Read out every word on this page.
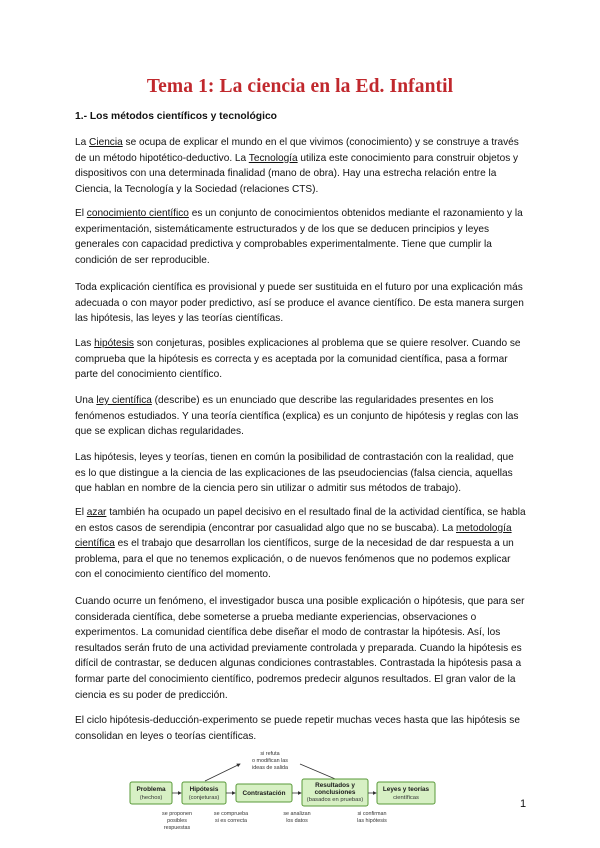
Tema 1: La ciencia en la Ed. Infantil
1.- Los métodos científicos y tecnológico

La Ciencia se ocupa de explicar el mundo en el que vivimos (conocimiento) y se construye a través de un método hipotético-deductivo. La Tecnología utiliza este conocimiento para construir objetos y dispositivos con una determinada finalidad (mano de obra). Hay una estrecha relación entre la Ciencia, la Tecnología y la Sociedad (relaciones CTS).

El conocimiento científico es un conjunto de conocimientos obtenidos mediante el razonamiento y la experimentación, sistemáticamente estructurados y de los que se deducen principios y leyes generales con capacidad predictiva y comprobables experimentalmente. Tiene que cumplir la condición de ser reproducible.

Toda explicación científica es provisional y puede ser sustituida en el futuro por una explicación más adecuada o con mayor poder predictivo, así se produce el avance científico. De esta manera surgen las hipótesis, las leyes y las teorías científicas.

Las hipótesis son conjeturas, posibles explicaciones al problema que se quiere resolver. Cuando se comprueba que la hipótesis es correcta y es aceptada por la comunidad científica, pasa a formar parte del conocimiento científico.

Una ley científica (describe) es un enunciado que describe las regularidades presentes en los fenómenos estudiados. Y una teoría científica (explica) es un conjunto de hipótesis y reglas con las que se explican dichas regularidades.

Las hipótesis, leyes y teorías, tienen en común la posibilidad de contrastación con la realidad, que es lo que distingue a la ciencia de las explicaciones de las pseudociencias (falsa ciencia, aquellas que hablan en nombre de la ciencia pero sin utilizar o admitir sus métodos de trabajo).

El azar también ha ocupado un papel decisivo en el resultado final de la actividad científica, se habla en estos casos de serendipia (encontrar por casualidad algo que no se buscaba). La metodología científica es el trabajo que desarrollan los científicos, surge de la necesidad de dar respuesta a un problema, para el que no tenemos explicación, o de nuevos fenómenos que no podemos explicar con el conocimiento científico del momento.

Cuando ocurre un fenómeno, el investigador busca una posible explicación o hipótesis, que para ser considerada científica, debe someterse a prueba mediante experiencias, observaciones o experimentos. La comunidad científica debe diseñar el modo de contrastar la hipótesis. Así, los resultados serán fruto de una actividad previamente controlada y preparada. Cuando la hipótesis es difícil de contrastar, se deducen algunas condiciones contrastables. Contrastada la hipótesis pasa a formar parte del conocimiento científico, podremos predecir algunos resultados. El gran valor de la ciencia es su poder de predicción.

El ciclo hipótesis-deducción-experimento se puede repetir muchas veces hasta que las hipótesis se consolidan en leyes o teorías científicas.

si refuta
o modifican las
ideas de salida
Problema
(hechos)
Hipótesis
(conjeturas)
Contrastación
Resultados y
conclusiones
(basados en pruebas)
Leyes y teorías
científicas
se proponen
posibles
respuestas
se comprueba
si es correcta
se analizan
los datos
si confirman
las hipótesis
1
